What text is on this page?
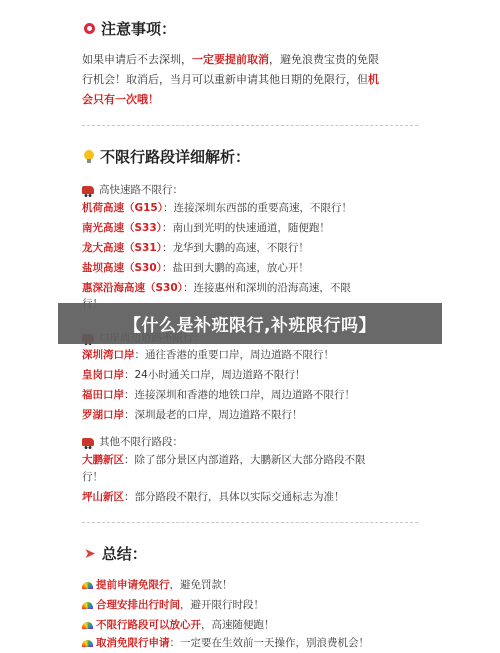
注意事项：
如果申请后不去深圳，一定要提前取消，避免浪费宝贵的免限
行机会！取消后，当月可以重新申请其他日期的免限行，但机
会只有一次哦！
不限行路段详细解析：
高快速路不限行：
机荷高速（G15）：连接深圳东西部的重要高速，不限行！
南光高速（S33）：南山到光明的快速通道，随便跑！
龙大高速（S31）：龙华到大鹏的高速，不限行！
盐坝高速（S30）：盐田到大鹏的高速，放心开！
惠深沿海高速（S30）：连接惠州和深圳的沿海高速，不限
深圳湾口岸：通往香港的重要口岸，周边道路不限行！
皇岗口岸：24小时通关口岸，周边道路不限行！
福田口岸：连接深圳和香港的地铁口岸，周边道路不限行！
罗湖口岸：深圳最老的口岸，周边道路不限行！
其他不限行路段：
大鹏新区：除了部分景区内部道路，大鹏新区大部分路段不限
行！
坪山新区：部分路段不限行，具体以实际交通标志为准！
➤ 总结：
提前申请免限行 ，避免罚款！
合理安排出行时间 ，避开限行时段！
不限行路段可以放心开 ，高速随便跑！
取消免限行申请 ：一定要在生效前一天操作，别浪费机会！
【什么是补班限行,补班限行吗】
